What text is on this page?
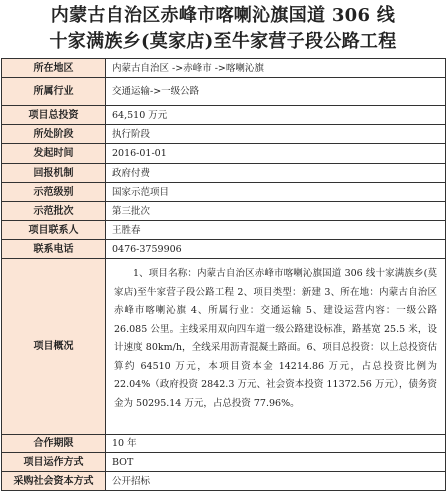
内蒙古自治区赤峰市喀喇沁旗国道 306 线
十家满族乡(莫家店)至牛家营子段公路工程
所在地区	内蒙古自治区 ->赤峰市 ->喀喇沁旗
所属行业	交通运输->一级公路
项目总投资	64,510 万元
所处阶段	执行阶段
发起时间	2016-01-01
回报机制	政府付费
示范级别	国家示范项目
示范批次	第三批次
项目联系人	王胜春
联系电话	0476-3759906
项目概况	1、项目名称：内蒙古自治区赤峰市喀喇沁旗国道 306 线十家满族乡(莫家店)至牛家营子段公路工程 2、项目类型：新建 3、所在地：内蒙古自治区赤峰市喀喇沁旗 4、所属行业：交通运输 5、建设运营内容：一级公路 26.085 公里。主线采用双向四车道一级公路建设标准，路基宽 25.5 米，设计速度 80km/h，全线采用沥青混凝土路面。6、项目总投资：以上总投资估算约 64510 万元，本项目资本金 14214.86 万元，占总投资比例为 22.04%（政府投资 2842.3 万元、社会资本投资 11372.56 万元），债务资金为 50295.14 万元，占总投资 77.96%。
合作期限	10 年
项目运作方式	BOT
采购社会资本方式	公开招标
